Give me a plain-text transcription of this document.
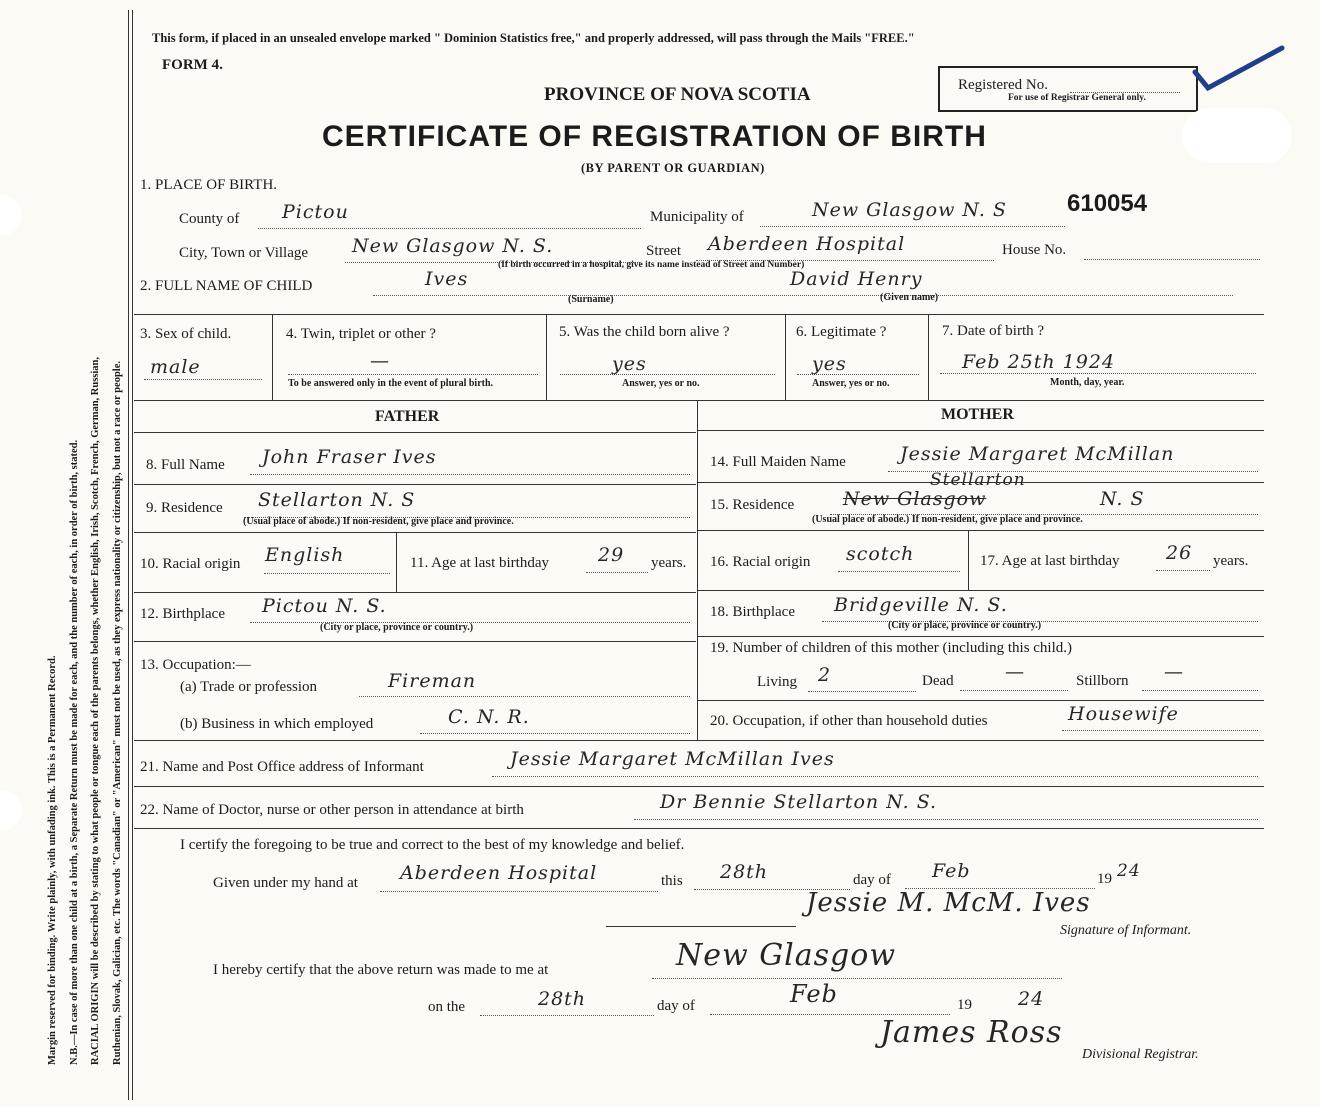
Margin reserved for binding. Write plainly, with unfading ink. This is a Permanent Record.	N.B.—In case of more than one child at a birth, a Separate Return must be made for each, and the number of each, in order of birth, stated.	RACIAL ORIGIN will be described by stating to what people or tongue each of the parents belongs, whether English, Irish, Scotch, French, German, Russian,	Ruthenian, Slovak, Galician, etc. The words "Canadian" or "American" must not be used, as they express nationality or citizenship, but not a race or people.
This form, if placed in an unsealed envelope marked " Dominion Statistics free," and properly addressed, will pass through the Mails "FREE."
FORM 4.
PROVINCE OF NOVA SCOTIA
CERTIFICATE OF REGISTRATION OF BIRTH
(BY PARENT OR GUARDIAN)
Registered No.
For use of Registrar General only.
610054
1. PLACE OF BIRTH.
County of Pictou	Municipality of	New Glasgow N. S
City, Town or Village New Glasgow N. S.	Street Aberdeen Hospital	House No.
(If birth occurred in a hospital, give its name instead of Street and Number)
2. FULL NAME OF CHILD	Ives	David Henry
(Surname)	(Given name)
3. Sex of child.
male
4. Twin, triplet or other ?
—
To be answered only in the event of plural birth.
5. Was the child born alive ?
yes
Answer, yes or no.
6. Legitimate ?
yes
Answer, yes or no.
7. Date of birth ?
Feb 25th 1924
Month, day, year.
FATHER	MOTHER
8. Full Name John Fraser Ives
9. Residence Stellarton N. S
(Usual place of abode.) If non-resident, give place and province.
10. Racial origin English	11. Age at last birthday	29 years.
12. Birthplace Pictou N. S.
(City or place, province or country.)
13. Occupation:—
(a) Trade or profession	Fireman
(b) Business in which employed	C. N. R.
14. Full Maiden Name	Jessie Margaret McMillan
15. Residence	New Glasgow
Stellarton
N. S
(Usual place of abode.) If non-resident, give place and province.
16. Racial origin scotch	17. Age at last birthday 26 years.
18. Birthplace Bridgeville N. S.
(City or place, province or country.)
19. Number of children of this mother (including this child.)
Living 2	Dead	—	Stillborn —
20. Occupation, if other than household duties	Housewife
21. Name and Post Office address of Informant	Jessie Margaret McMillan Ives
22. Name of Doctor, nurse or other person in attendance at birth	Dr Bennie Stellarton N. S.
I certify the foregoing to be true and correct to the best of my knowledge and belief.
Given under my hand at Aberdeen Hospital	this 28th	day of Feb	19 24
Jessie M. McM. Ives
Signature of Informant.
I hereby certify that the above return was made to me at	New Glasgow
on the	28th	day of	Feb	19 24
James Ross
Divisional Registrar.
